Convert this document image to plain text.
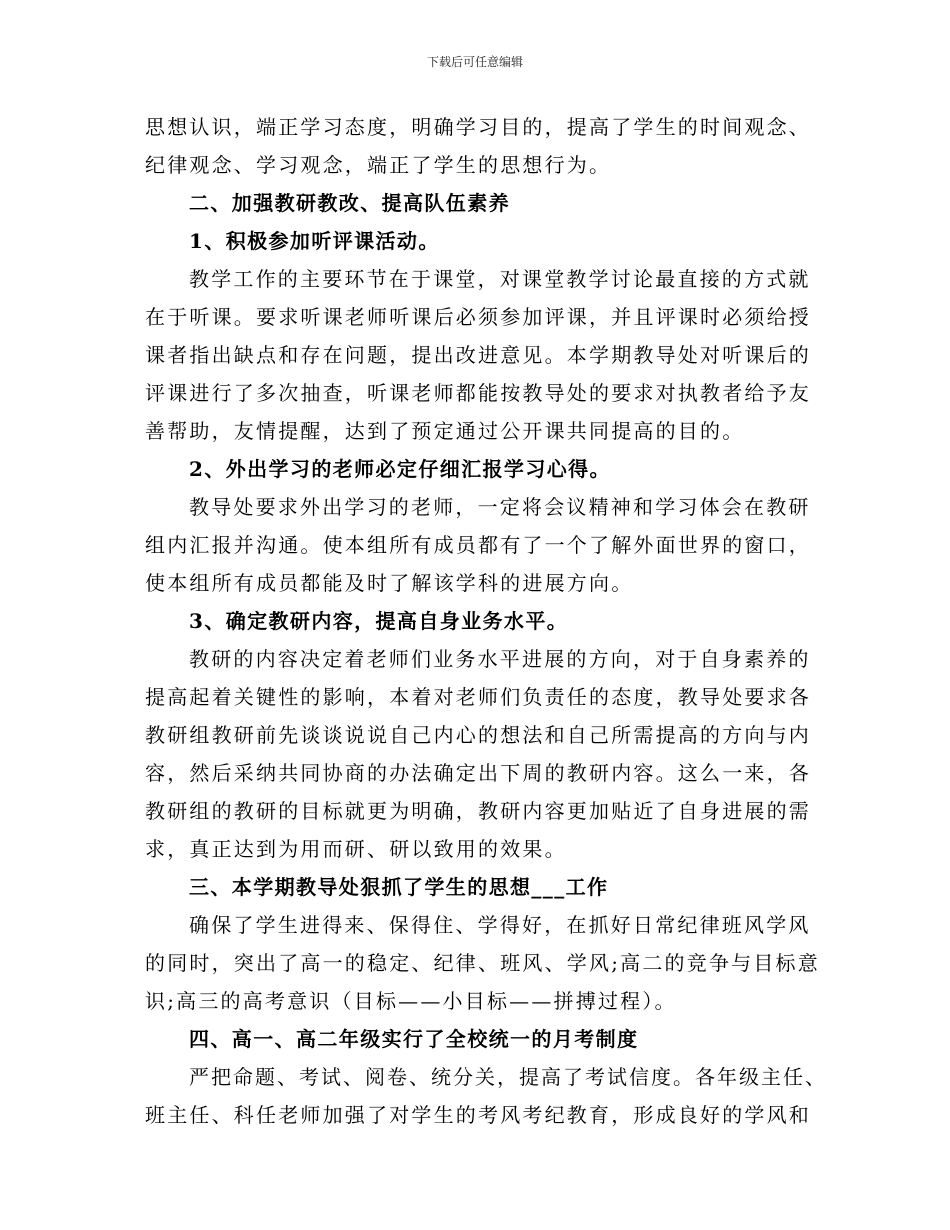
下载后可任意编辑
思想认识，端正学习态度，明确学习目的，提高了学生的时间观念、
纪律观念、学习观念，端正了学生的思想行为。
二、加强教研教改、提高队伍素养
1、积极参加听评课活动。
教学工作的主要环节在于课堂，对课堂教学讨论最直接的方式就
在于听课。要求听课老师听课后必须参加评课，并且评课时必须给授
课者指出缺点和存在问题，提出改进意见。本学期教导处对听课后的
评课进行了多次抽查，听课老师都能按教导处的要求对执教者给予友
善帮助，友情提醒，达到了预定通过公开课共同提高的目的。
2、外出学习的老师必定仔细汇报学习心得。
教导处要求外出学习的老师，一定将会议精神和学习体会在教研
组内汇报并沟通。使本组所有成员都有了一个了解外面世界的窗口，
使本组所有成员都能及时了解该学科的进展方向。
3、确定教研内容，提高自身业务水平。
教研的内容决定着老师们业务水平进展的方向，对于自身素养的
提高起着关键性的影响，本着对老师们负责任的态度，教导处要求各
教研组教研前先谈谈说说自己内心的想法和自己所需提高的方向与内
容，然后采纳共同协商的办法确定出下周的教研内容。这么一来，各
教研组的教研的目标就更为明确，教研内容更加贴近了自身进展的需
求，真正达到为用而研、研以致用的效果。
三、本学期教导处狠抓了学生的思想___工作
确保了学生进得来、保得住、学得好，在抓好日常纪律班风学风
的同时，突出了高一的稳定、纪律、班风、学风;高二的竞争与目标意
识;高三的高考意识（目标——小目标——拼搏过程）。
四、高一、高二年级实行了全校统一的月考制度
严把命题、考试、阅卷、统分关，提高了考试信度。各年级主任、
班主任、科任老师加强了对学生的考风考纪教育，形成良好的学风和
